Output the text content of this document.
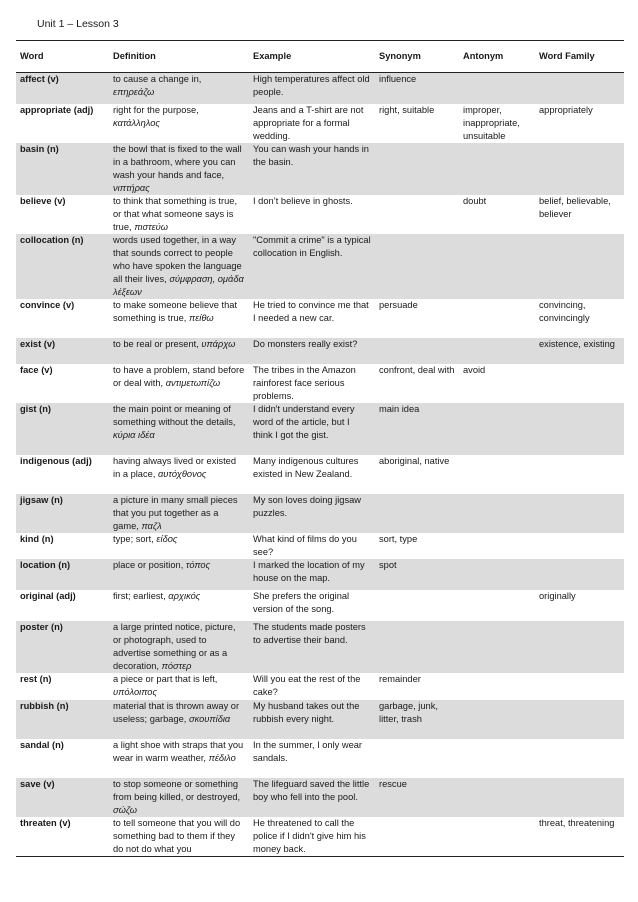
Unit 1 – Lesson 3
Word	Definition	Example	Synonym	Antonym	Word Family
affect (v)	to cause a change in, επηρεάζω	High temperatures affect old people.	influence		
appropriate (adj)	right for the purpose, κατάλληλος	Jeans and a T-shirt are not appropriate for a formal wedding.	right, suitable	improper, inappropriate, unsuitable	appropriately
basin (n)	the bowl that is fixed to the wall in a bathroom, where you can wash your hands and face, νιπτήρας	You can wash your hands in the basin.			
believe (v)	to think that something is true, or that what someone says is true, πιστεύω	I don’t believe in ghosts.		doubt	belief, believable, believer
collocation (n)	words used together, in a way that sounds correct to people who have spoken the language all their lives, σύμφραση, ομάδα λέξεων	"Commit a crime" is a typical collocation in English.			
convince (v)	to make someone believe that something is true, πείθω	He tried to convince me that I needed a new car.	persuade		convincing, convincingly
exist (v)	to be real or present, υπάρχω	Do monsters really exist?			existence, existing
face (v)	to have a problem, stand before or deal with, αντιμετωπίζω	The tribes in the Amazon rainforest face serious problems.	confront, deal with	avoid	
gist (n)	the main point or meaning of something without the details, κύρια ιδέα	I didn't understand every word of the article, but I think I got the gist.	main idea		
indigenous (adj)	having always lived or existed in a place, αυτόχθονος	Many indigenous cultures existed in New Zealand.	aboriginal, native		
jigsaw (n)	a picture in many small pieces that you put together as a game, παζλ	My son loves doing jigsaw puzzles.			
kind (n)	type; sort, είδος	What kind of films do you see?	sort, type		
location (n)	place or position, τόπος	I marked the location of my house on the map.	spot		
original (adj)	first; earliest, αρχικός	She prefers the original version of the song.			originally
poster (n)	a large printed notice, picture, or photograph, used to advertise something or as a decoration, πόστερ	The students made posters to advertise their band.			
rest (n)	a piece or part that is left, υπόλοιπος	Will you eat the rest of the cake?	remainder		
rubbish (n)	material that is thrown away or useless; garbage, σκουπίδια	My husband takes out the rubbish every night.	garbage, junk, litter, trash		
sandal (n)	a light shoe with straps that you wear in warm weather, πέδιλο	In the summer, I only wear sandals.			
save (v)	to stop someone or something from being killed, or destroyed, σώζω	The lifeguard saved the little boy who fell into the pool.	rescue		
threaten (v)	to tell someone that you will do something bad to them if they do not do what you	He threatened to call the police if I didn't give him his money back.			threat, threatening
